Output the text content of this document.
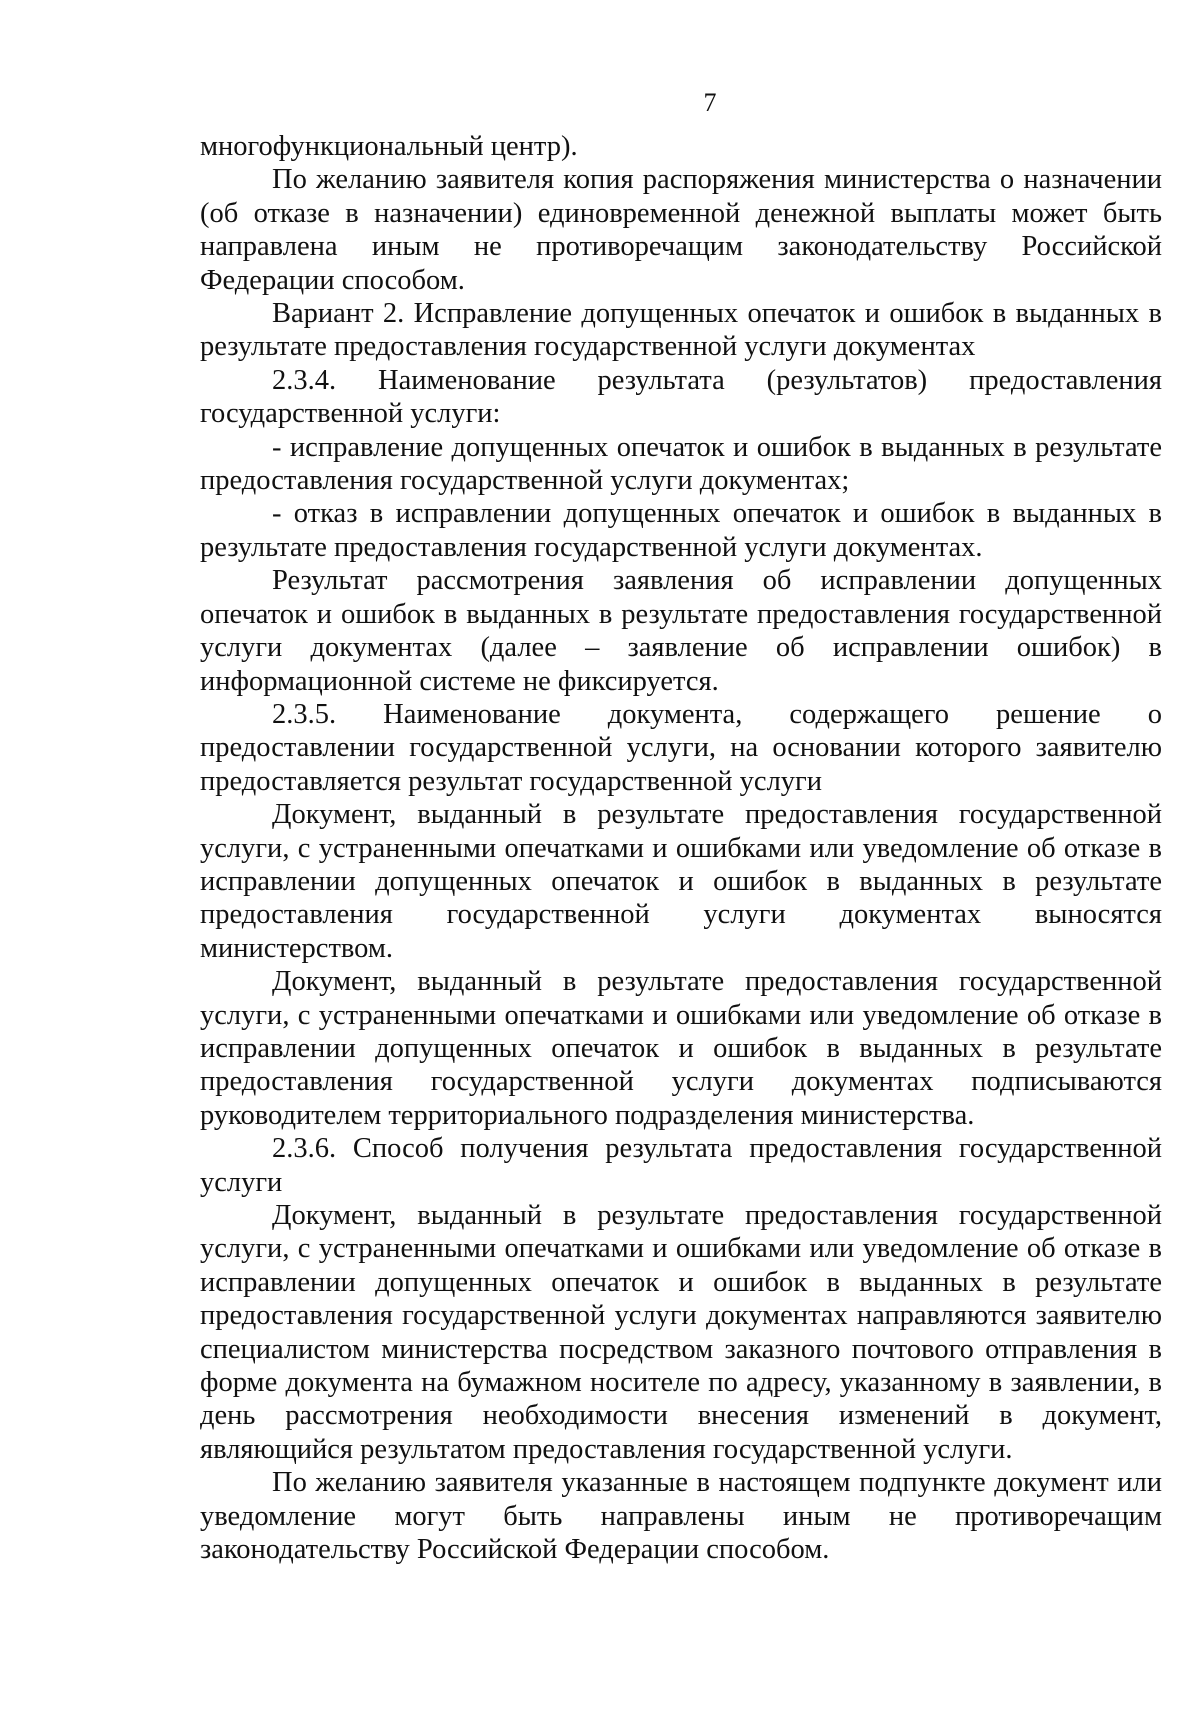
7

многофункциональный центр).

По желанию заявителя копия распоряжения министерства о назначении (об отказе в назначении) единовременной денежной выплаты может быть направлена иным не противоречащим законодательству Российской Федерации способом.

Вариант 2. Исправление допущенных опечаток и ошибок в выданных в результате предоставления государственной услуги документах

2.3.4. Наименование результата (результатов) предоставления государственной услуги:

- исправление допущенных опечаток и ошибок в выданных в результате предоставления государственной услуги документах;

- отказ в исправлении допущенных опечаток и ошибок в выданных в результате предоставления государственной услуги документах.

Результат рассмотрения заявления об исправлении допущенных опечаток и ошибок в выданных в результате предоставления государственной услуги документах (далее – заявление об исправлении ошибок) в информационной системе не фиксируется.

2.3.5. Наименование документа, содержащего решение о предоставлении государственной услуги, на основании которого заявителю предоставляется результат государственной услуги

Документ, выданный в результате предоставления государственной услуги, с устраненными опечатками и ошибками или уведомление об отказе в исправлении допущенных опечаток и ошибок в выданных в результате предоставления государственной услуги документах выносятся министерством.

Документ, выданный в результате предоставления государственной услуги, с устраненными опечатками и ошибками или уведомление об отказе в исправлении допущенных опечаток и ошибок в выданных в результате предоставления государственной услуги документах подписываются руководителем территориального подразделения министерства.

2.3.6. Способ получения результата предоставления государственной услуги

Документ, выданный в результате предоставления государственной услуги, с устраненными опечатками и ошибками или уведомление об отказе в исправлении допущенных опечаток и ошибок в выданных в результате предоставления государственной услуги документах направляются заявителю специалистом министерства посредством заказного почтового отправления в форме документа на бумажном носителе по адресу, указанному в заявлении, в день рассмотрения необходимости внесения изменений в документ, являющийся результатом предоставления государственной услуги.

По желанию заявителя указанные в настоящем подпункте документ или уведомление могут быть направлены иным не противоречащим законодательству Российской Федерации способом.
